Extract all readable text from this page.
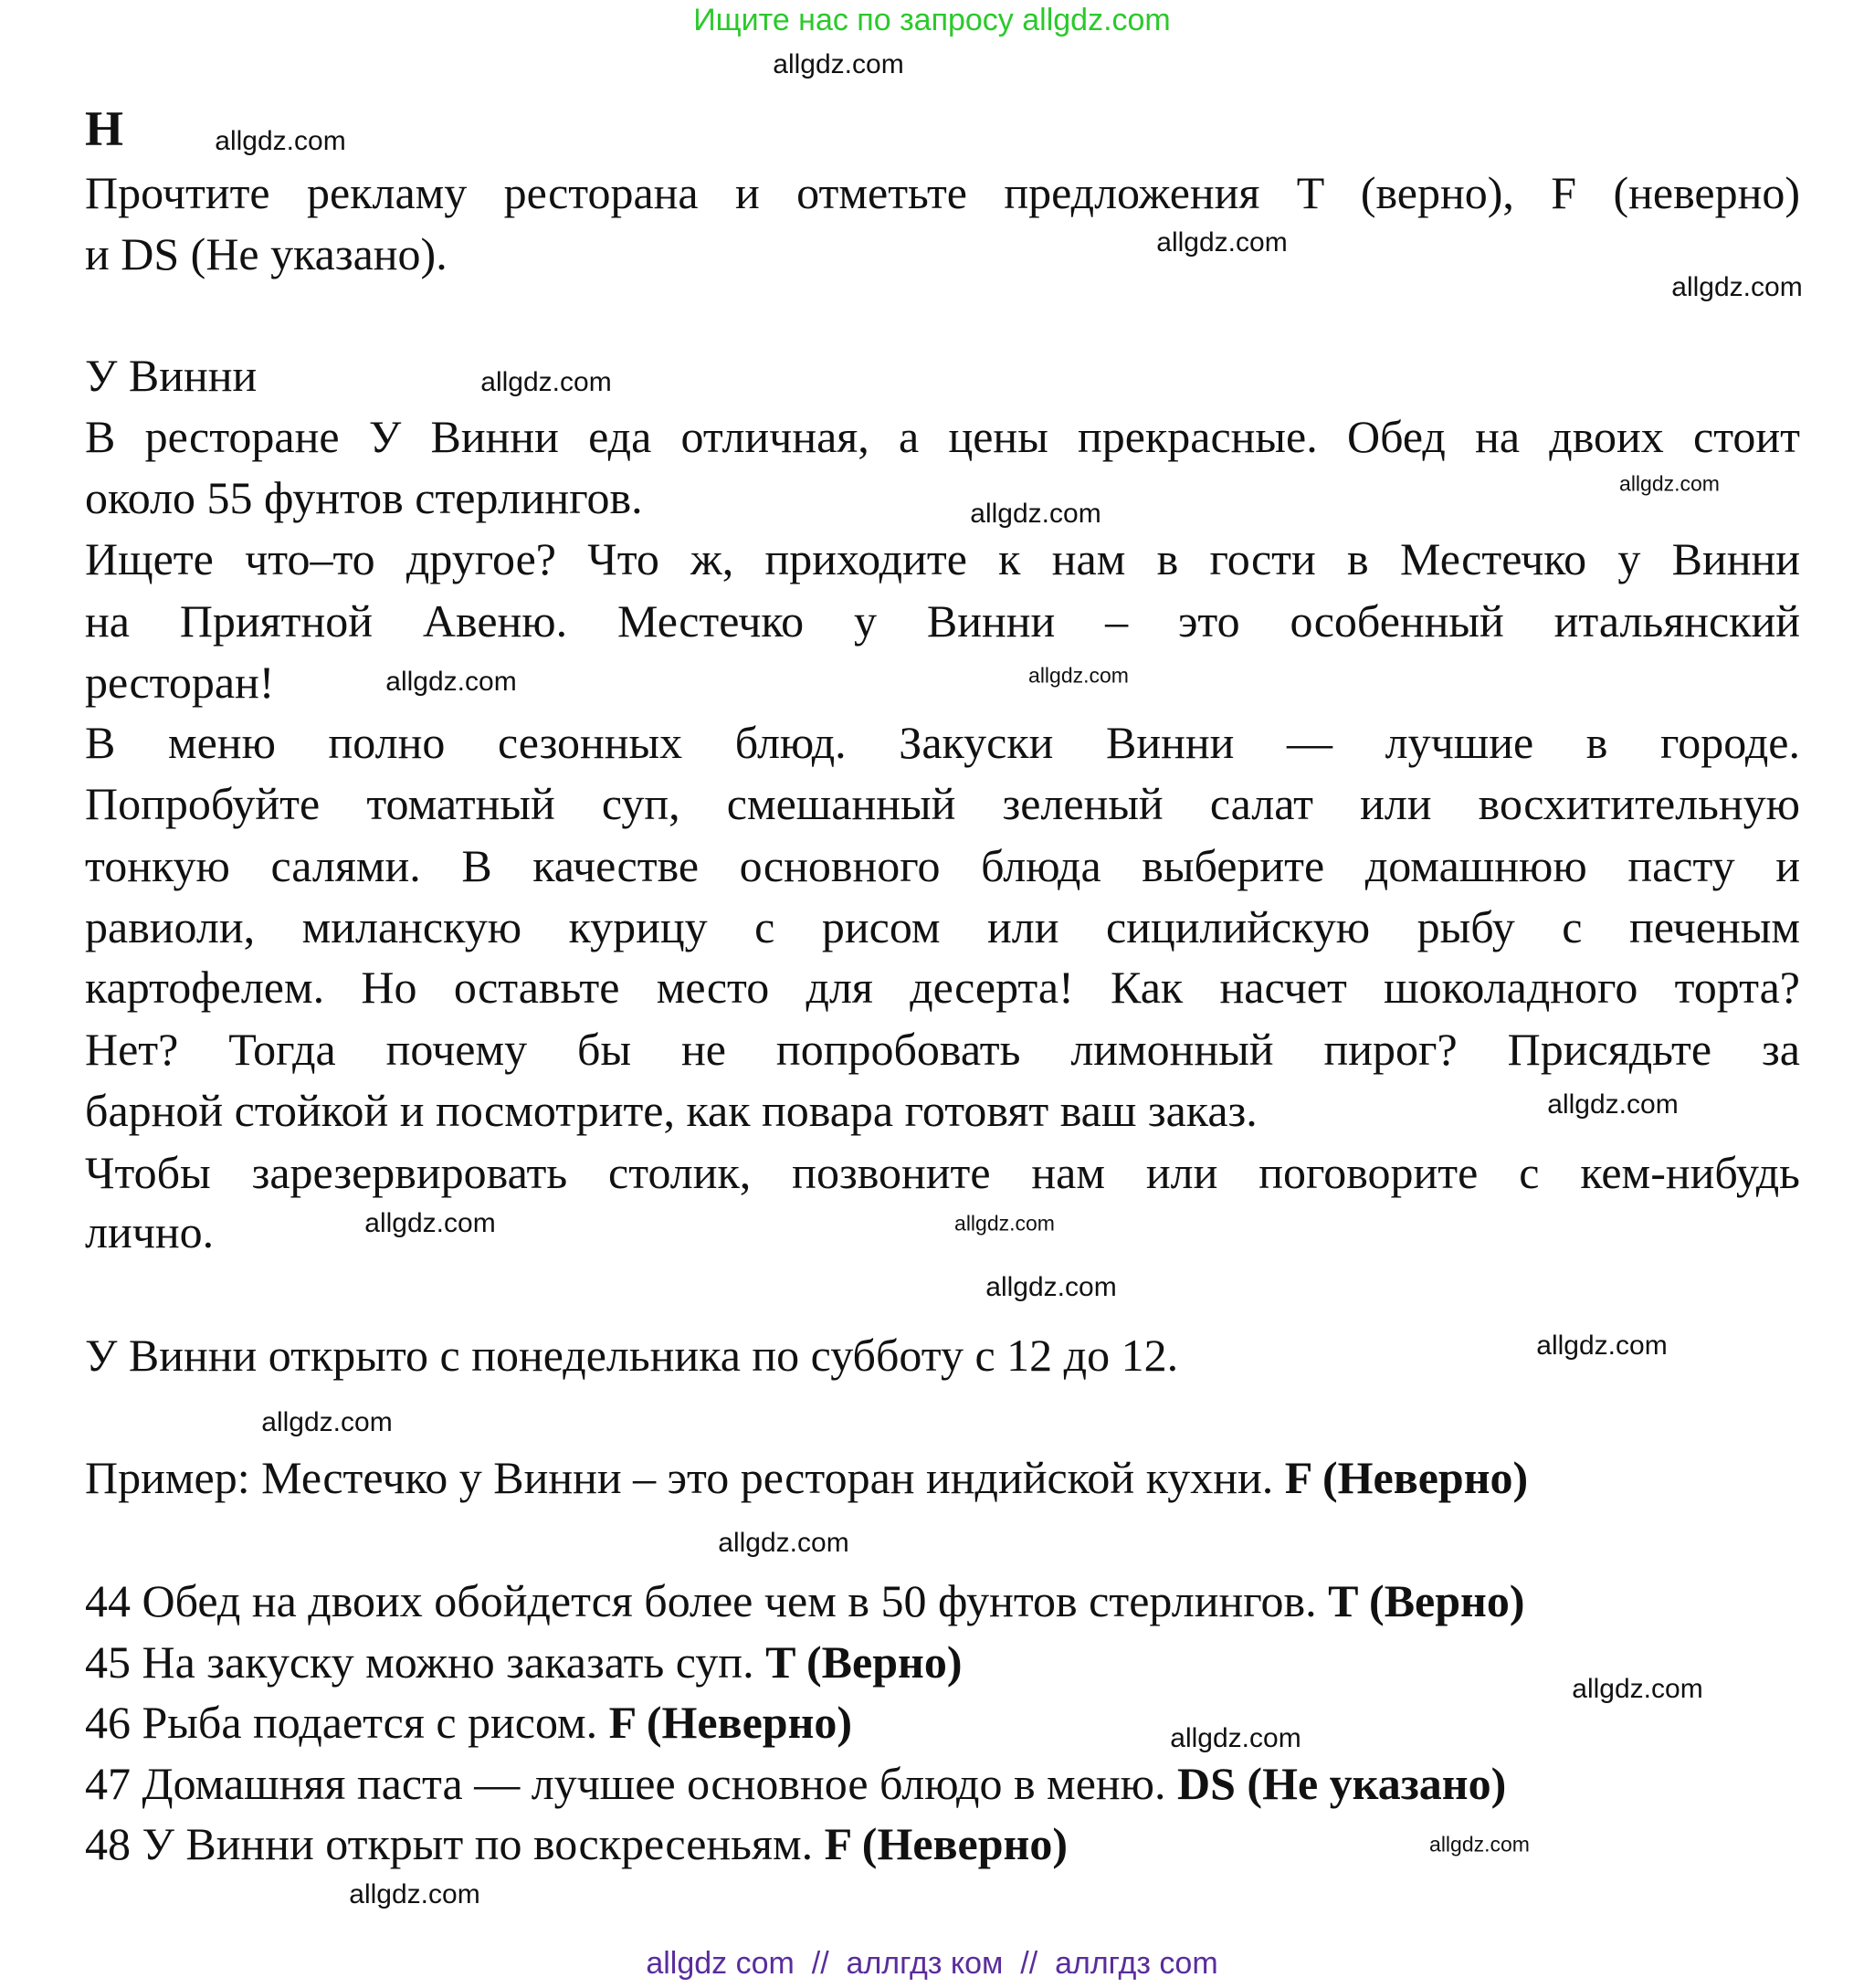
Ищите нас по запросу allgdz.com
H
Прочтите рекламу ресторана и отметьте предложения T (верно), F (неверно)
и DS (Не указано).
У Винни
В ресторане У Винни еда отличная, а цены прекрасные. Обед на двоих стоит
около 55 фунтов стерлингов.
Ищете что–то другое? Что ж, приходите к нам в гости в Местечко у Винни
на Приятной Авеню. Местечко у Винни – это особенный итальянский
ресторан!
В меню полно сезонных блюд. Закуски Винни — лучшие в городе.
Попробуйте томатный суп, смешанный зеленый салат или восхитительную
тонкую салями. В качестве основного блюда выберите домашнюю пасту и
равиоли, миланскую курицу с рисом или сицилийскую рыбу с печеным
картофелем. Но оставьте место для десерта! Как насчет шоколадного торта?
Нет? Тогда почему бы не попробовать лимонный пирог? Присядьте за
барной стойкой и посмотрите, как повара готовят ваш заказ.
Чтобы зарезервировать столик, позвоните нам или поговорите с кем-нибудь
лично.
У Винни открыто с понедельника по субботу с 12 до 12.
Пример: Местечко у Винни – это ресторан индийской кухни. F (Неверно)
44 Обед на двоих обойдется более чем в 50 фунтов стерлингов. T (Верно)
45 На закуску можно заказать суп. T (Верно)
46 Рыба подается с рисом. F (Неверно)
47 Домашняя паста — лучшее основное блюдо в меню. DS (Не указано)
48 У Винни открыт по воскресеньям. F (Неверно)
allgdz.com
allgdz.com
allgdz.com
allgdz.com
allgdz.com
allgdz.com
allgdz.com
allgdz.com
allgdz.com
allgdz.com
allgdz.com
allgdz.com
allgdz.com
allgdz.com
allgdz.com
allgdz.com
allgdz.com
allgdz.com
allgdz.com
allgdz.com
allgdz com  //  аллгдз ком  //  аллгдз com
